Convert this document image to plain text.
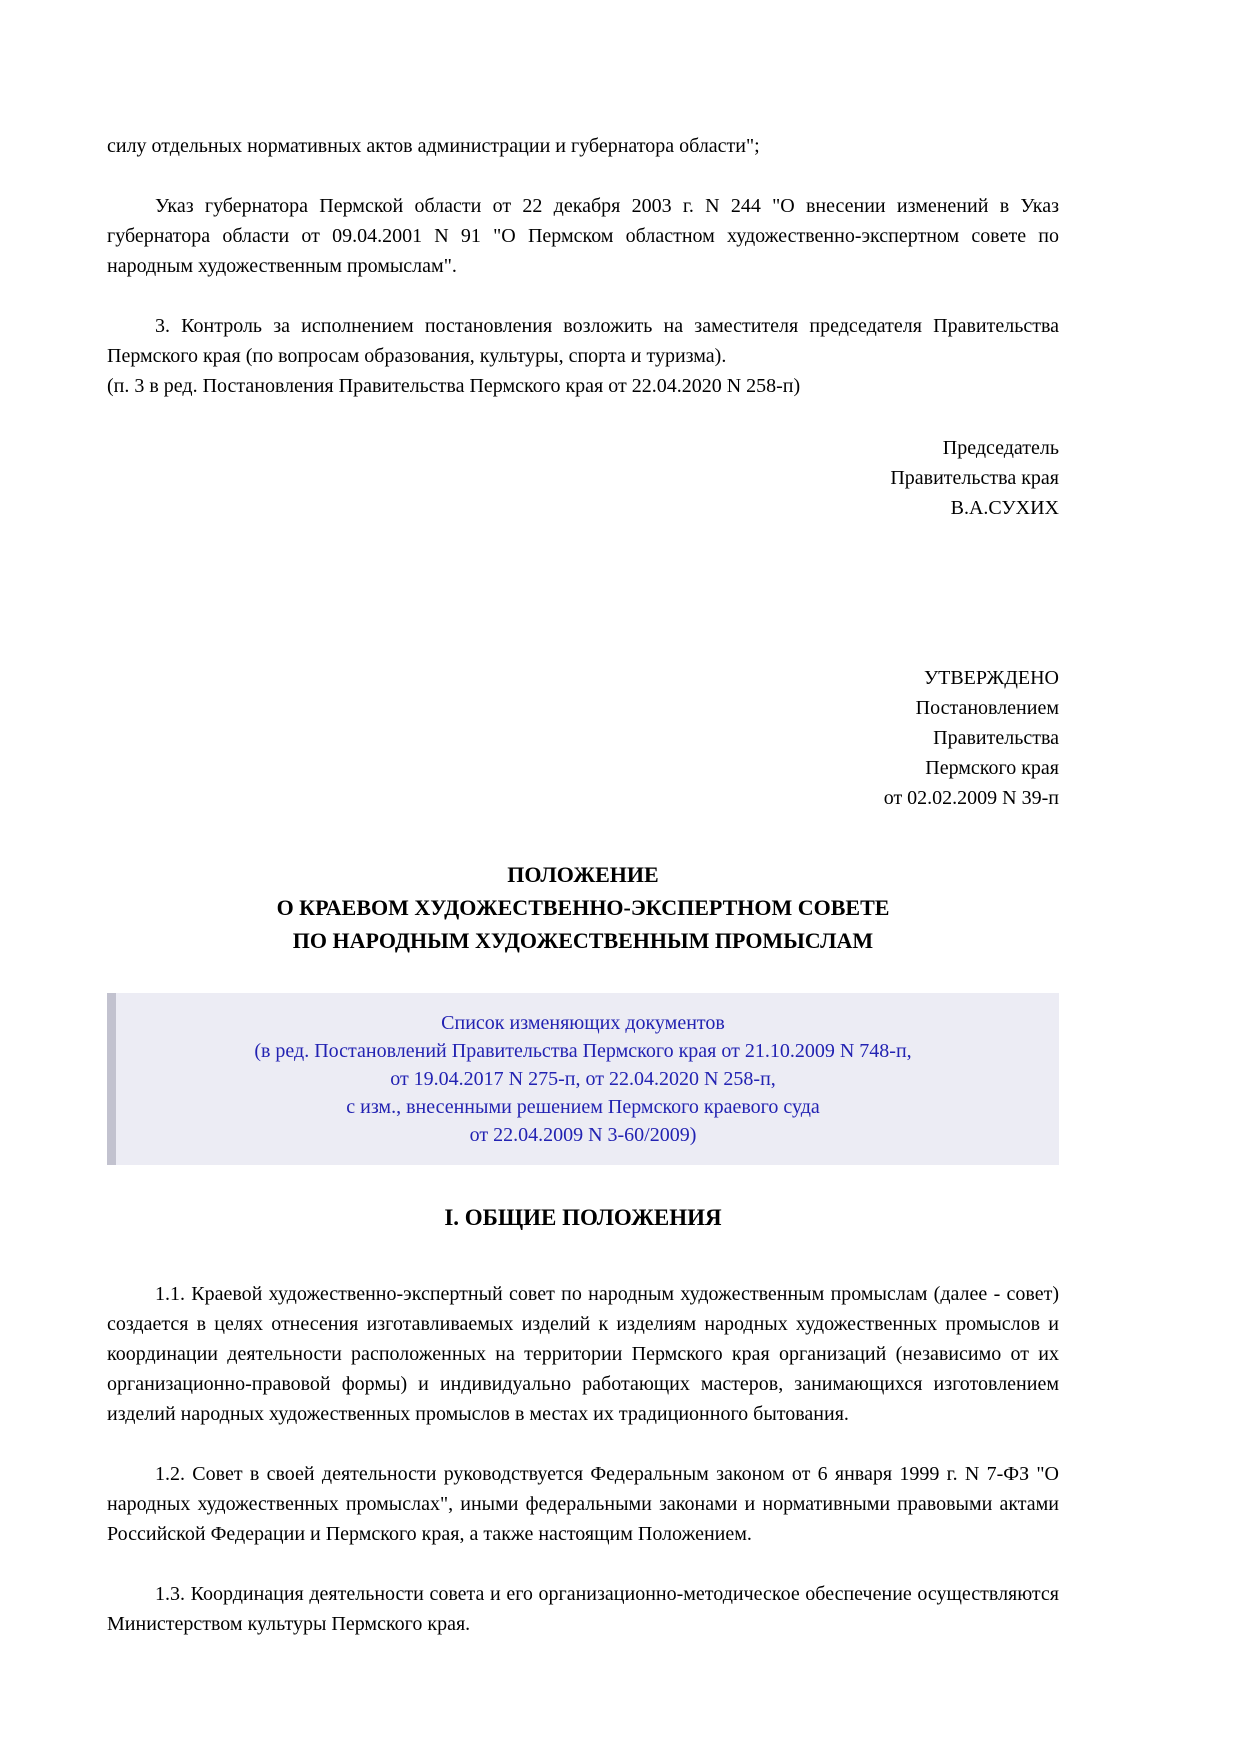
силу отдельных нормативных актов администрации и губернатора области";

Указ губернатора Пермской области от 22 декабря 2003 г. N 244 "О внесении изменений в Указ губернатора области от 09.04.2001 N 91 "О Пермском областном художественно-экспертном совете по народным художественным промыслам".

3. Контроль за исполнением постановления возложить на заместителя председателя Правительства Пермского края (по вопросам образования, культуры, спорта и туризма).

(п. 3 в ред. Постановления Правительства Пермского края от 22.04.2020 N 258-п)

Председатель
Правительства края
В.А.СУХИХ
УТВЕРЖДЕНО
Постановлением
Правительства
Пермского края
от 02.02.2009 N 39-п
ПОЛОЖЕНИЕ
О КРАЕВОМ ХУДОЖЕСТВЕННО-ЭКСПЕРТНОМ СОВЕТЕ
ПО НАРОДНЫМ ХУДОЖЕСТВЕННЫМ ПРОМЫСЛАМ
Список изменяющих документов
(в ред. Постановлений Правительства Пермского края от 21.10.2009 N 748-п,
от 19.04.2017 N 275-п, от 22.04.2020 N 258-п,
с изм., внесенными решением Пермского краевого суда
от 22.04.2009 N 3-60/2009)
I. ОБЩИЕ ПОЛОЖЕНИЯ

1.1. Краевой художественно-экспертный совет по народным художественным промыслам (далее - совет) создается в целях отнесения изготавливаемых изделий к изделиям народных художественных промыслов и координации деятельности расположенных на территории Пермского края организаций (независимо от их организационно-правовой формы) и индивидуально работающих мастеров, занимающихся изготовлением изделий народных художественных промыслов в местах их традиционного бытования.

1.2. Совет в своей деятельности руководствуется Федеральным законом от 6 января 1999 г. N 7-ФЗ "О народных художественных промыслах", иными федеральными законами и нормативными правовыми актами Российской Федерации и Пермского края, а также настоящим Положением.

1.3. Координация деятельности совета и его организационно-методическое обеспечение осуществляются Министерством культуры Пермского края.
